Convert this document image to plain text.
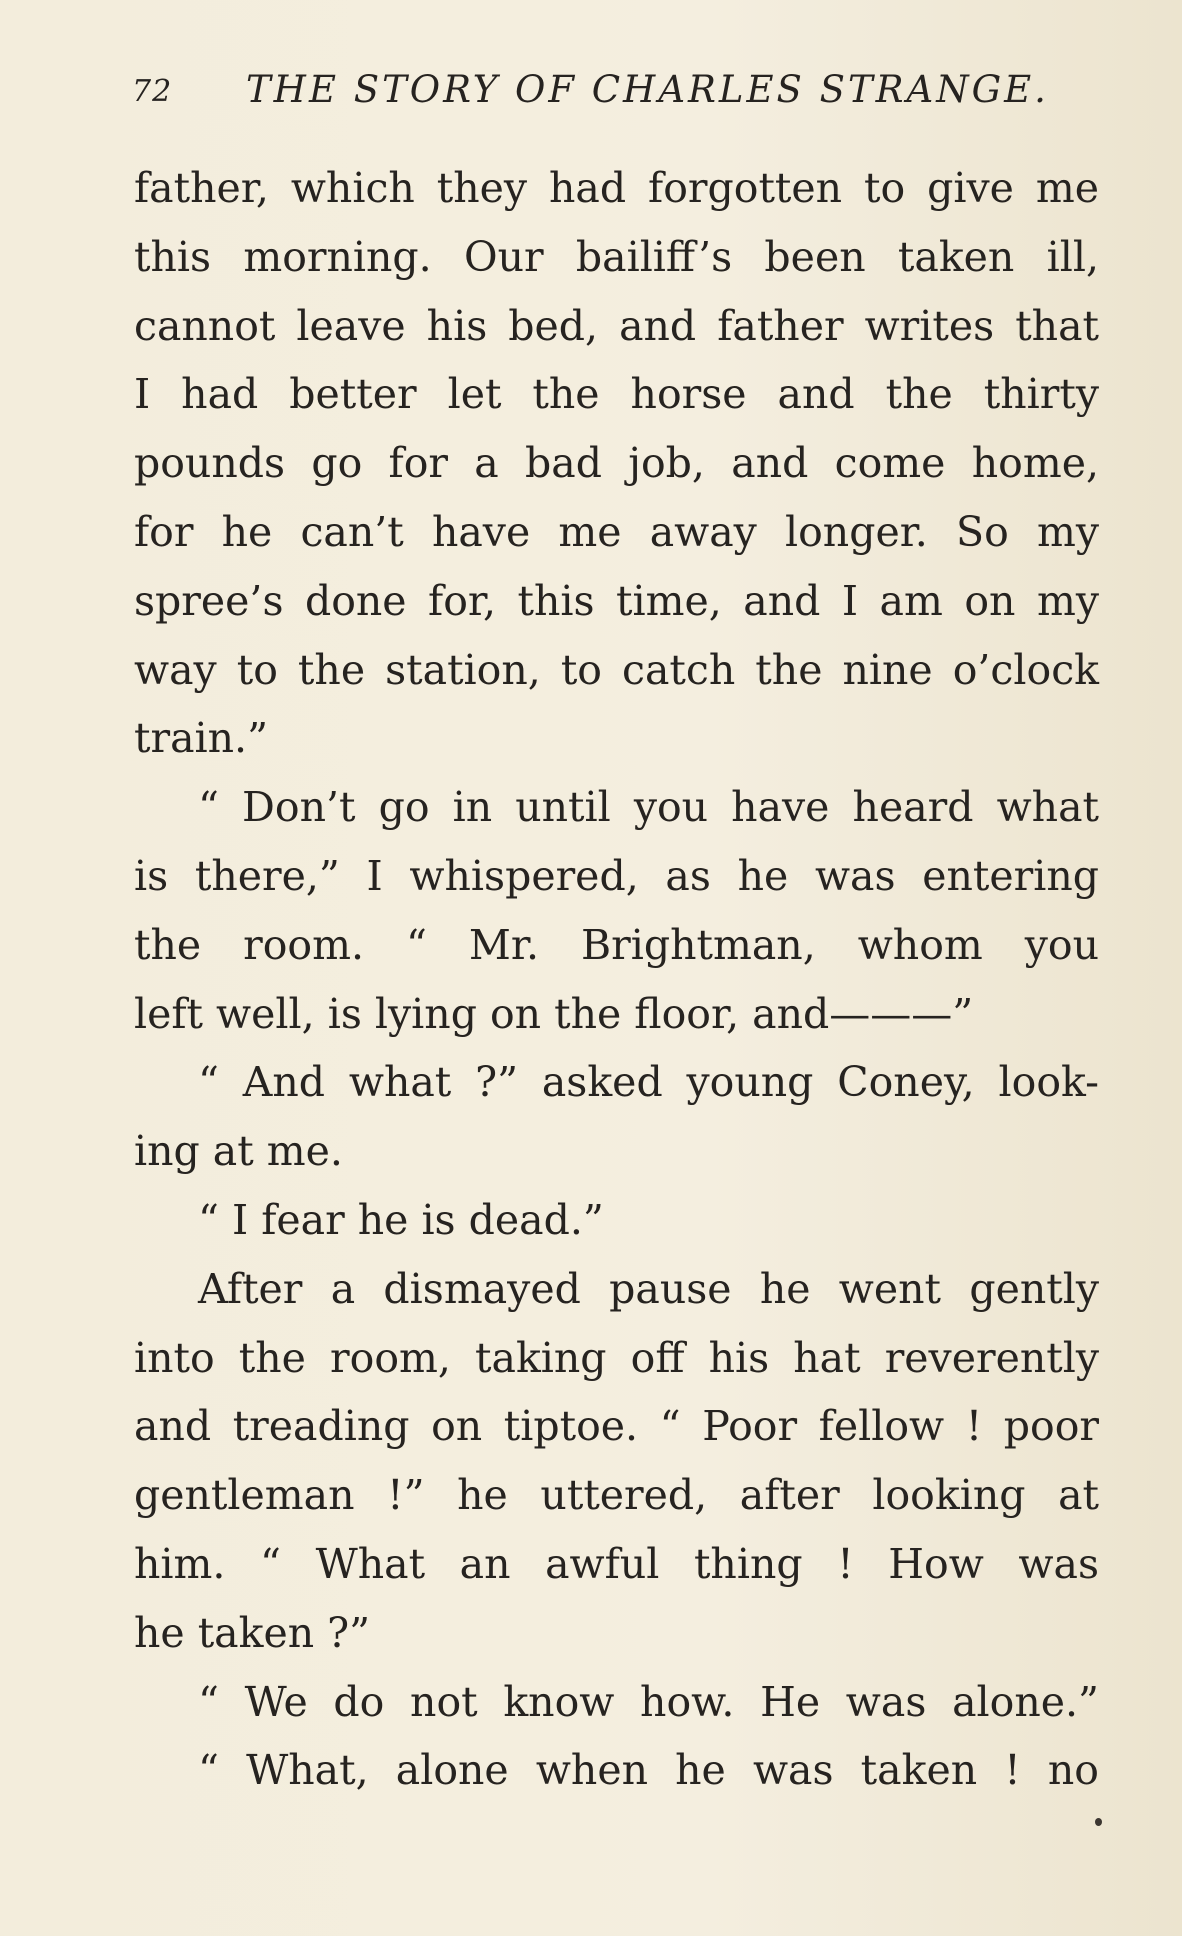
72 THE STORY OF CHARLES STRANGE.
father, which they had forgotten to give me
this morning. Our bailiff’s been taken ill,
cannot leave his bed, and father writes that
I had better let the horse and the thirty
pounds go for a bad job, and come home,
for he can’t have me away longer. So my
spree’s done for, this time, and I am on my
way to the station, to catch the nine o’clock
train.”
“ Don’t go in until you have heard what
is there,” I whispered, as he was entering
the room. “ Mr. Brightman, whom you
left well, is lying on the floor, and———”
“ And what ?” asked young Coney, look-
ing at me.
“ I fear he is dead.”
After a dismayed pause he went gently
into the room, taking off his hat reverently
and treading on tiptoe. “ Poor fellow ! poor
gentleman !” he uttered, after looking at
him. “ What an awful thing ! How was
he taken ?”
“ We do not know how. He was alone.”
“ What, alone when he was taken ! no
